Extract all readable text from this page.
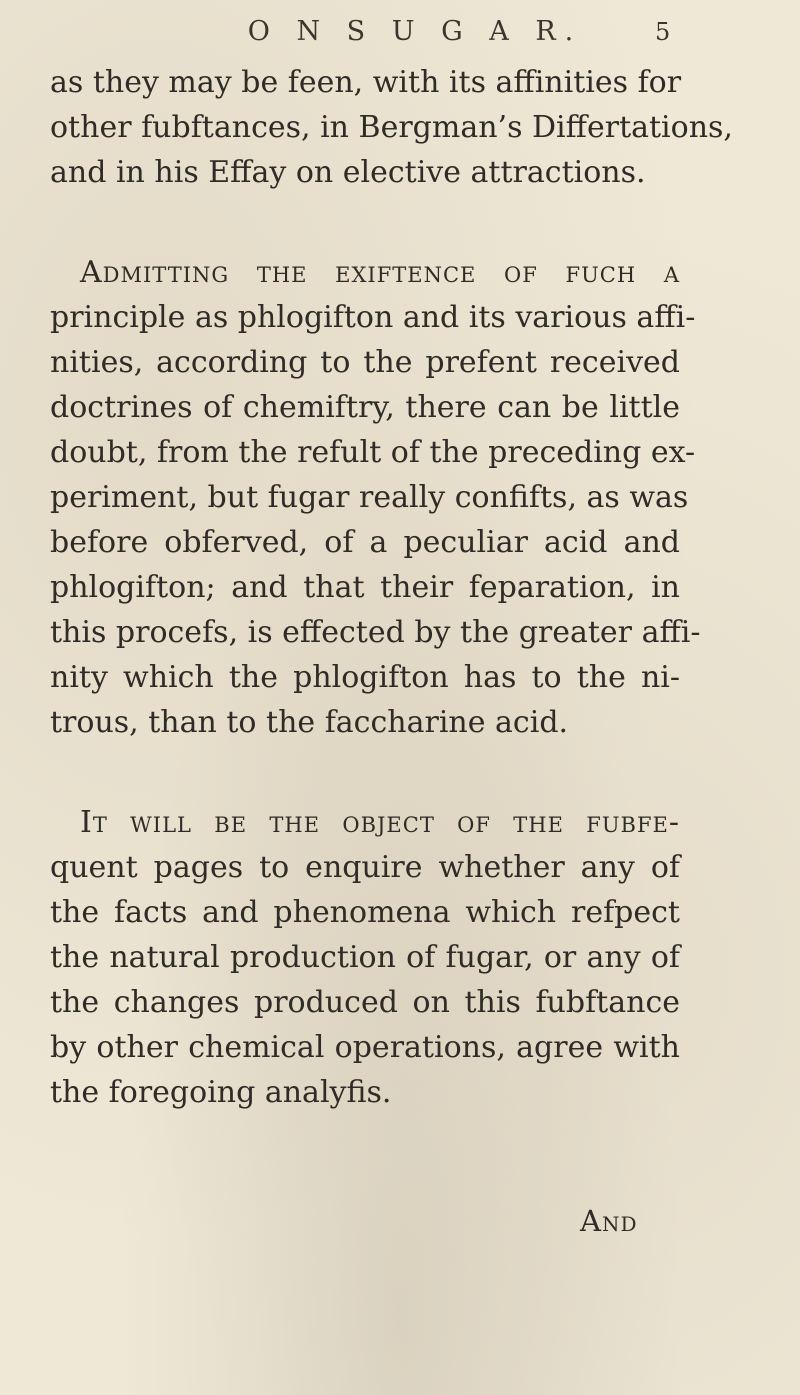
O N S U G A R.	5
as they may be feen, with its affinities for
other fubftances, in Bergman’s Differtations,
and in his Effay on elective attractions.
Admitting the exiftence of fuch a
principle as phlogifton and its various affi-
nities, according to the prefent received
doctrines of chemiftry, there can be little
doubt, from the refult of the preceding ex-
periment, but fugar really confifts, as was
before obferved, of a peculiar acid and
phlogifton; and that their feparation, in
this procefs, is effected by the greater affi-
nity which the phlogifton has to the ni-
trous, than to the faccharine acid.
It will be the object of the fubfe-
quent pages to enquire whether any of
the facts and phenomena which refpect
the natural production of fugar, or any of
the changes produced on this fubftance
by other chemical operations, agree with
the foregoing analyfis.
And
